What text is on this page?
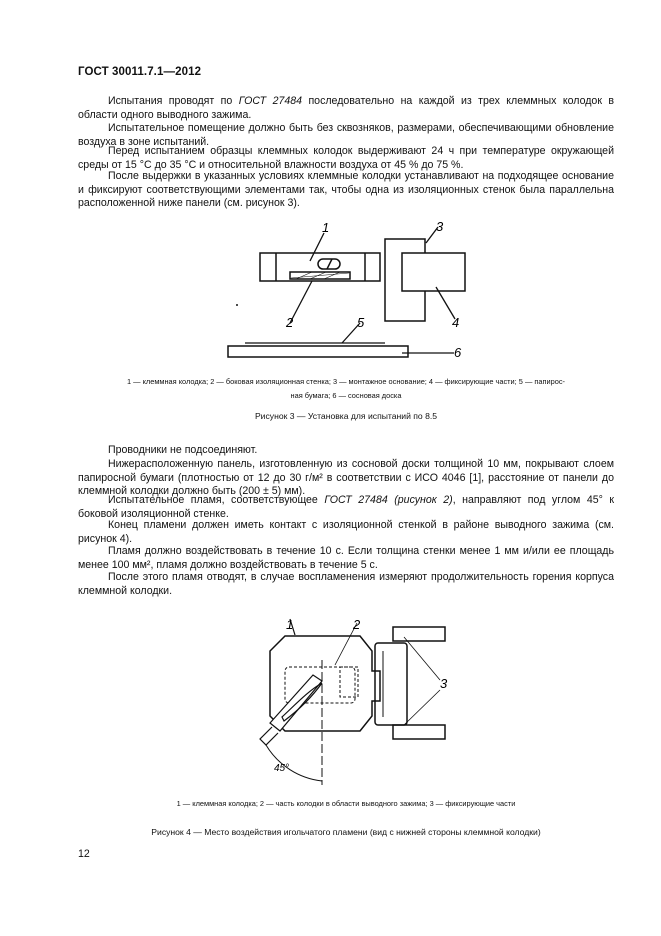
ГОСТ 30011.7.1—2012

Испытания проводят по ГОСТ 27484 последовательно на каждой из трех клеммных колодок в области одного выводного зажима.

Испытательное помещение должно быть без сквозняков, размерами, обеспечивающими обновление воздуха в зоне испытаний.

Перед испытанием образцы клеммных колодок выдерживают 24 ч при температуре окружающей среды от 15 °С до 35 °С и относительной влажности воздуха от 45 % до 75 %.

После выдержки в указанных условиях клеммные колодки устанавливают на подходящее основание и фиксируют соответствующими элементами так, чтобы одна из изоляционных стенок была параллельна расположенной ниже панели (см. рисунок 3).

1
2
3
4
5
6

1 — клеммная колодка; 2 — боковая изоляционная стенка; 3 — монтажное основание; 4 — фиксирующие части; 5 — папирос-
ная бумага; 6 — сосновая доска

Рисунок 3 — Установка для испытаний по 8.5

Проводники не подсоединяют.

Нижерасположенную панель, изготовленную из сосновой доски толщиной 10 мм, покрывают слоем папиросной бумаги (плотностью от 12 до 30 г/м² в соответствии с ИСО 4046 [1], расстояние от панели до клеммной колодки должно быть (200 ± 5) мм).

Испытательное пламя, соответствующее ГОСТ 27484 (рисунок 2), направляют под углом 45° к боковой изоляционной стенке.

Конец пламени должен иметь контакт с изоляционной стенкой в районе выводного зажима (см. рисунок 4).

Пламя должно воздействовать в течение 10 с. Если толщина стенки менее 1 мм и/или ее площадь менее 100 мм², пламя должно воздействовать в течение 5 с.

После этого пламя отводят, в случае воспламенения измеряют продолжительность горения корпуса клеммной колодки.

1	2
3
45°

1 — клеммная колодка; 2 — часть колодки в области выводного зажима; 3 — фиксирующие части

Рисунок 4 — Место воздействия игольчатого пламени (вид с нижней стороны клеммной колодки)

12
